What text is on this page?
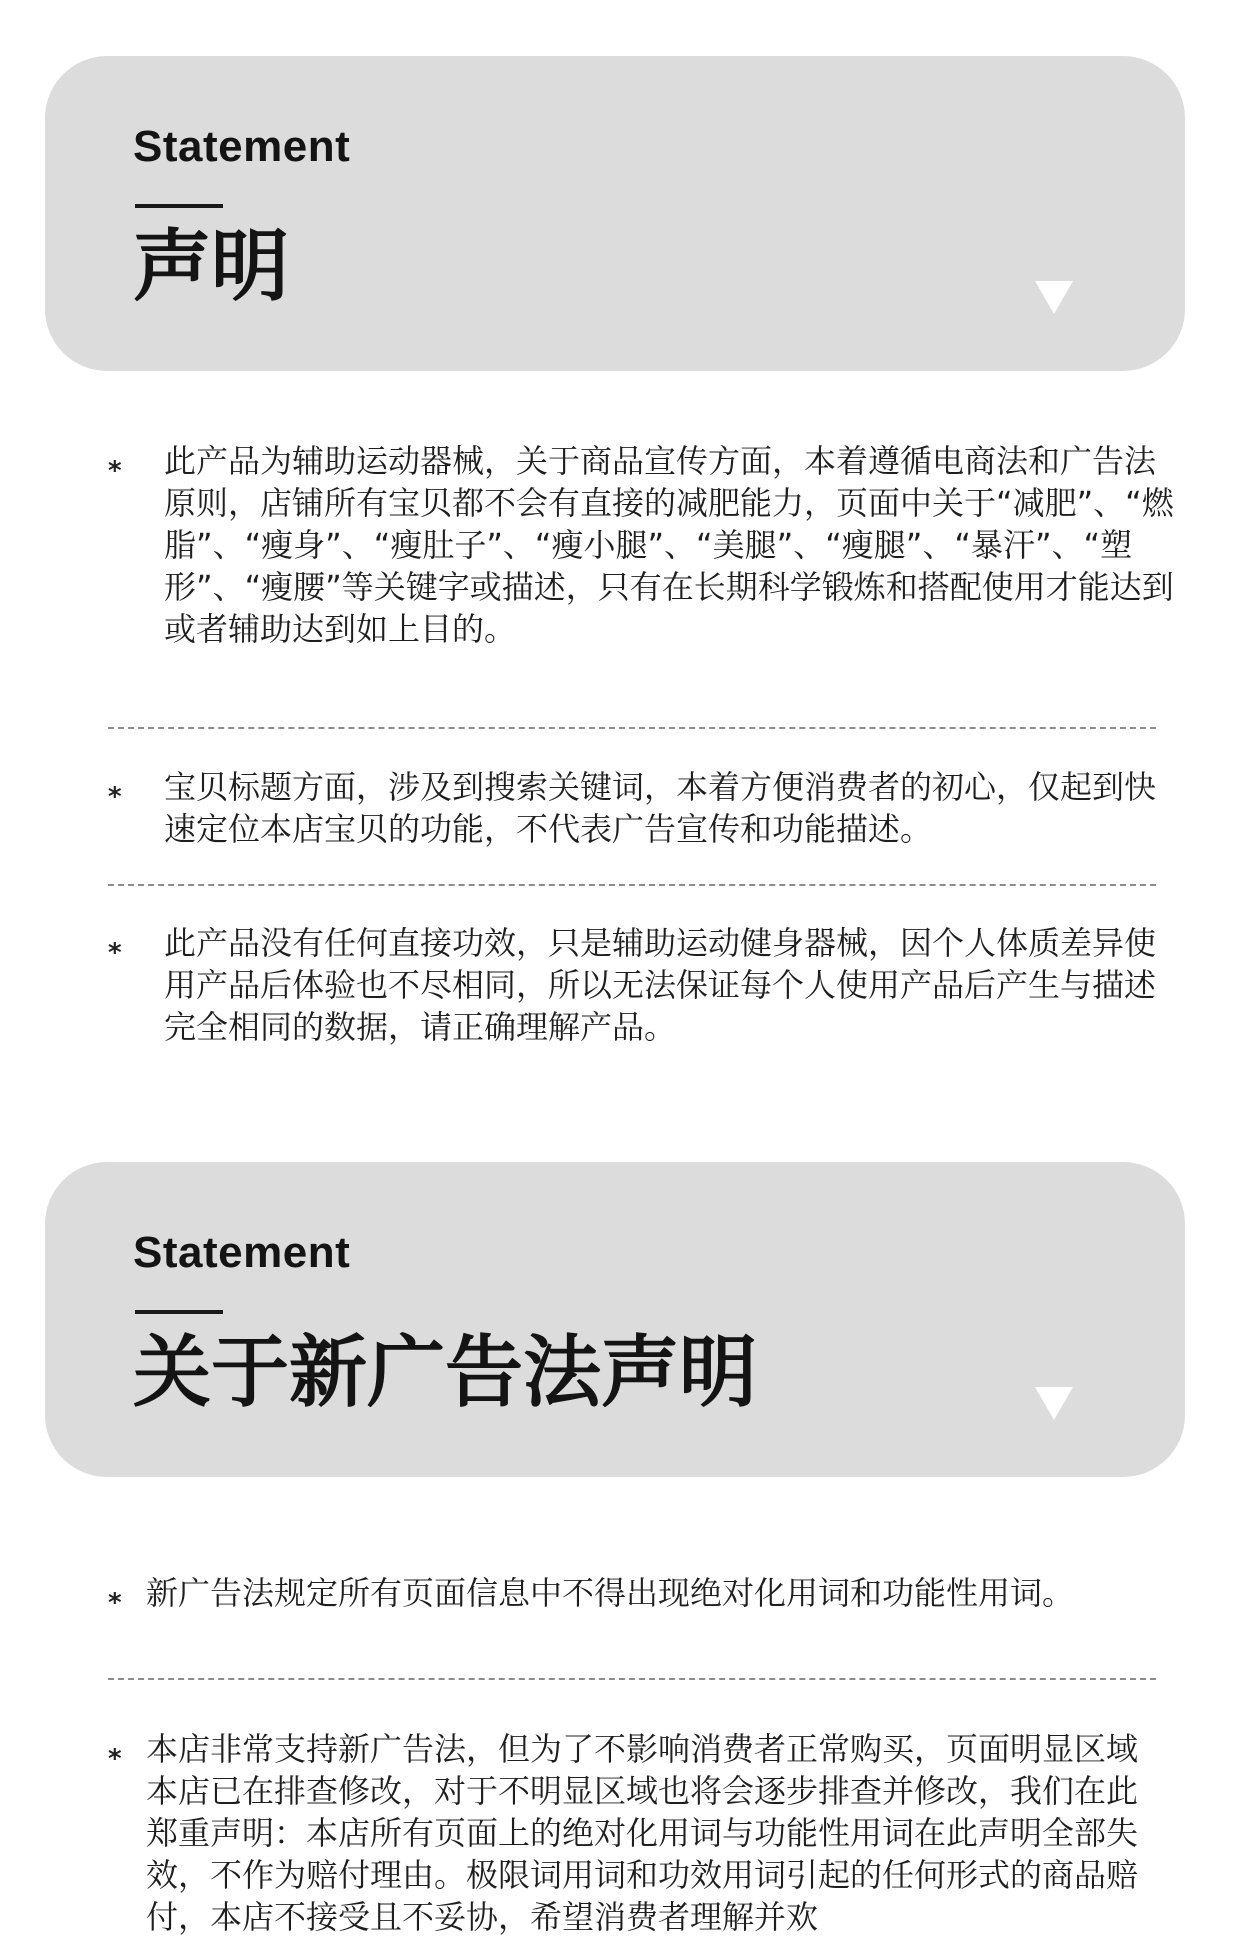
Statement
声明
* 此产品为辅助运动器械，关于商品宣传方面，本着遵循电商法和广告法原则，店铺所有宝贝都不会有直接的减肥能力，页面中关于“减肥”、“燃脂”、“瘦身”、“瘦肚子”、“瘦小腿”、“美腿”、“瘦腿”、“暴汗”、“塑形”、“瘦腰”等关键字或描述，只有在长期科学锻炼和搭配使用才能达到或者辅助达到如上目的。

* 宝贝标题方面，涉及到搜索关键词，本着方便消费者的初心，仅起到快速定位本店宝贝的功能，不代表广告宣传和功能描述。

* 此产品没有任何直接功效，只是辅助运动健身器械，因个人体质差异使用产品后体验也不尽相同，所以无法保证每个人使用产品后产生与描述完全相同的数据，请正确理解产品。

Statement
关于新广告法声明
* 新广告法规定所有页面信息中不得出现绝对化用词和功能性用词。

* 本店非常支持新广告法，但为了不影响消费者正常购买，页面明显区域本店已在排查修改，对于不明显区域也将会逐步排查并修改，我们在此郑重声明：本店所有页面上的绝对化用词与功能性用词在此声明全部失效，不作为赔付理由。极限词用词和功效用词引起的任何形式的商品赔付，本店不接受且不妥协，希望消费者理解并欢
